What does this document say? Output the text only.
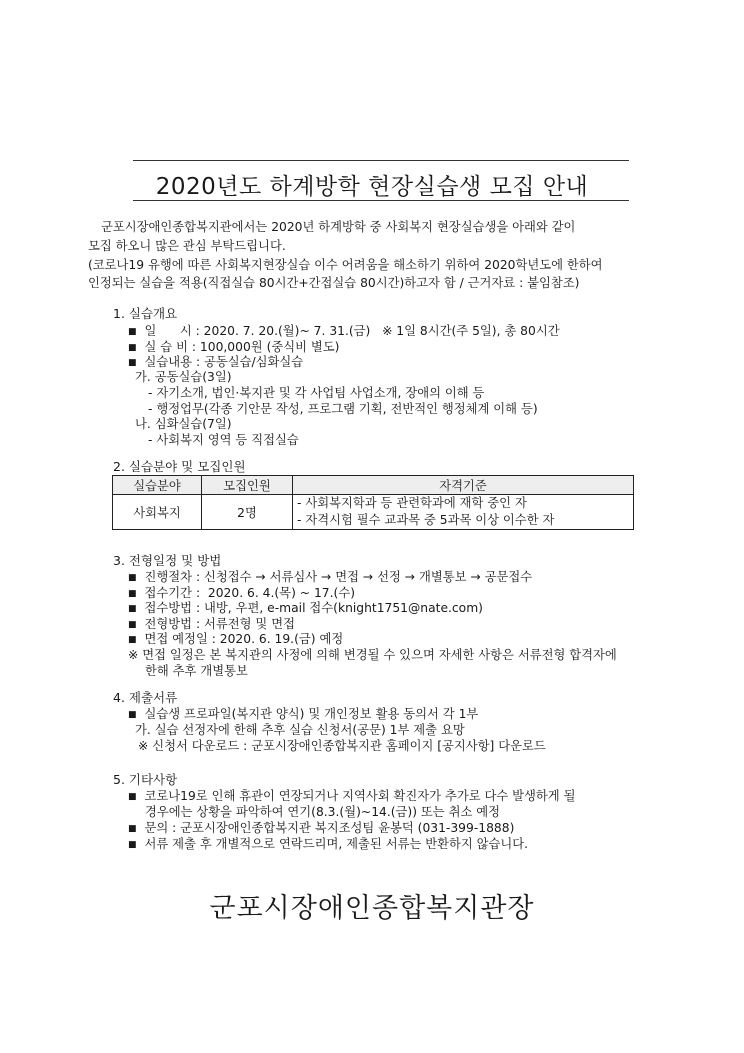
2020년도 하계방학 현장실습생 모집 안내
군포시장애인종합복지관에서는 2020년 하계방학 중 사회복지 현장실습생을 아래와 같이
모집 하오니 많은 관심 부탁드립니다.
(코로나19 유행에 따른 사회복지현장실습 이수 어려움을 해소하기 위하여 2020학년도에 한하여
인정되는 실습을 적용(직접실습 80시간+간접실습 80시간)하고자 함 / 근거자료 : 붙임참조)
1. 실습개요
■ 일      시 : 2020. 7. 20.(월)~ 7. 31.(금)   ※ 1일 8시간(주 5일), 총 80시간
■ 실 습 비 : 100,000원 (중식비 별도)
■ 실습내용 : 공동실습/심화실습
가. 공동실습(3일)
- 자기소개, 법인·복지관 및 각 사업팀 사업소개, 장애의 이해 등
- 행정업무(각종 기안문 작성, 프로그램 기획, 전반적인 행정체계 이해 등)
나. 심화실습(7일)
- 사회복지 영역 등 직접실습
2. 실습분야 및 모집인원
실습분야	모집인원	자격기준
사회복지	2명	- 사회복지학과 등 관련학과에 재학 중인 자
- 자격시험 필수 교과목 중 5과목 이상 이수한 자
3. 전형일정 및 방법
■ 진행절차 : 신청접수 → 서류심사 → 면접 → 선정 → 개별통보 → 공문접수
■ 접수기간 :  2020. 6. 4.(목) ~ 17.(수)
■ 접수방법 : 내방, 우편, e-mail 접수(knight1751@nate.com)
■ 전형방법 : 서류전형 및 면접
■ 면접 예정일 : 2020. 6. 19.(금) 예정
※ 면접 일정은 본 복지관의 사정에 의해 변경될 수 있으며 자세한 사항은 서류전형 합격자에
한해 추후 개별통보
4. 제출서류
■ 실습생 프로파일(복지관 양식) 및 개인정보 활용 동의서 각 1부
가. 실습 선정자에 한해 추후 실습 신청서(공문) 1부 제출 요망
※ 신청서 다운로드 : 군포시장애인종합복지관 홈페이지 [공지사항] 다운로드
5. 기타사항
■ 코로나19로 인해 휴관이 연장되거나 지역사회 확진자가 추가로 다수 발생하게 될
경우에는 상황을 파악하여 연기(8.3.(월)~14.(금)) 또는 취소 예정
■ 문의 : 군포시장애인종합복지관 복지조성팀 윤봉덕 (031-399-1888)
■ 서류 제출 후 개별적으로 연락드리며, 제출된 서류는 반환하지 않습니다.
군포시장애인종합복지관장
